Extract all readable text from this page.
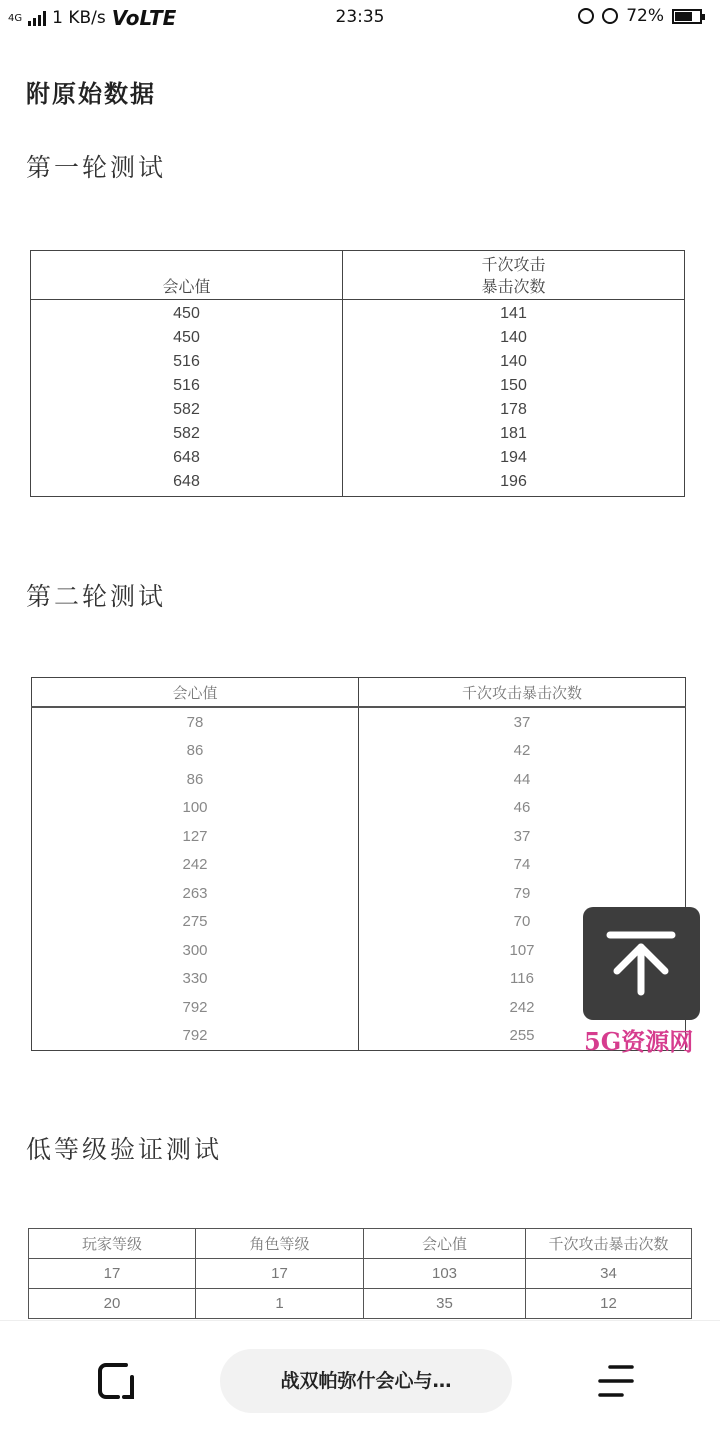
4G 1 KB/s VoLTE	23:35	72%
附原始数据
第一轮测试
会心值	千次攻击
暴击次数

450	141
450	140
516	140
516	150
582	178
582	181
648	194
648	196
第二轮测试
会心值	千次攻击暴击次数
78	37
86	42
86	44
100	46
127	37
242	74
263	79
275	70
300	107
330	116
792	242
792	255
低等级验证测试
玩家等级	角色等级	会心值	千次攻击暴击次数
17	17	103	34
20	1	35	12
5G资源网
战双帕弥什会心与…
